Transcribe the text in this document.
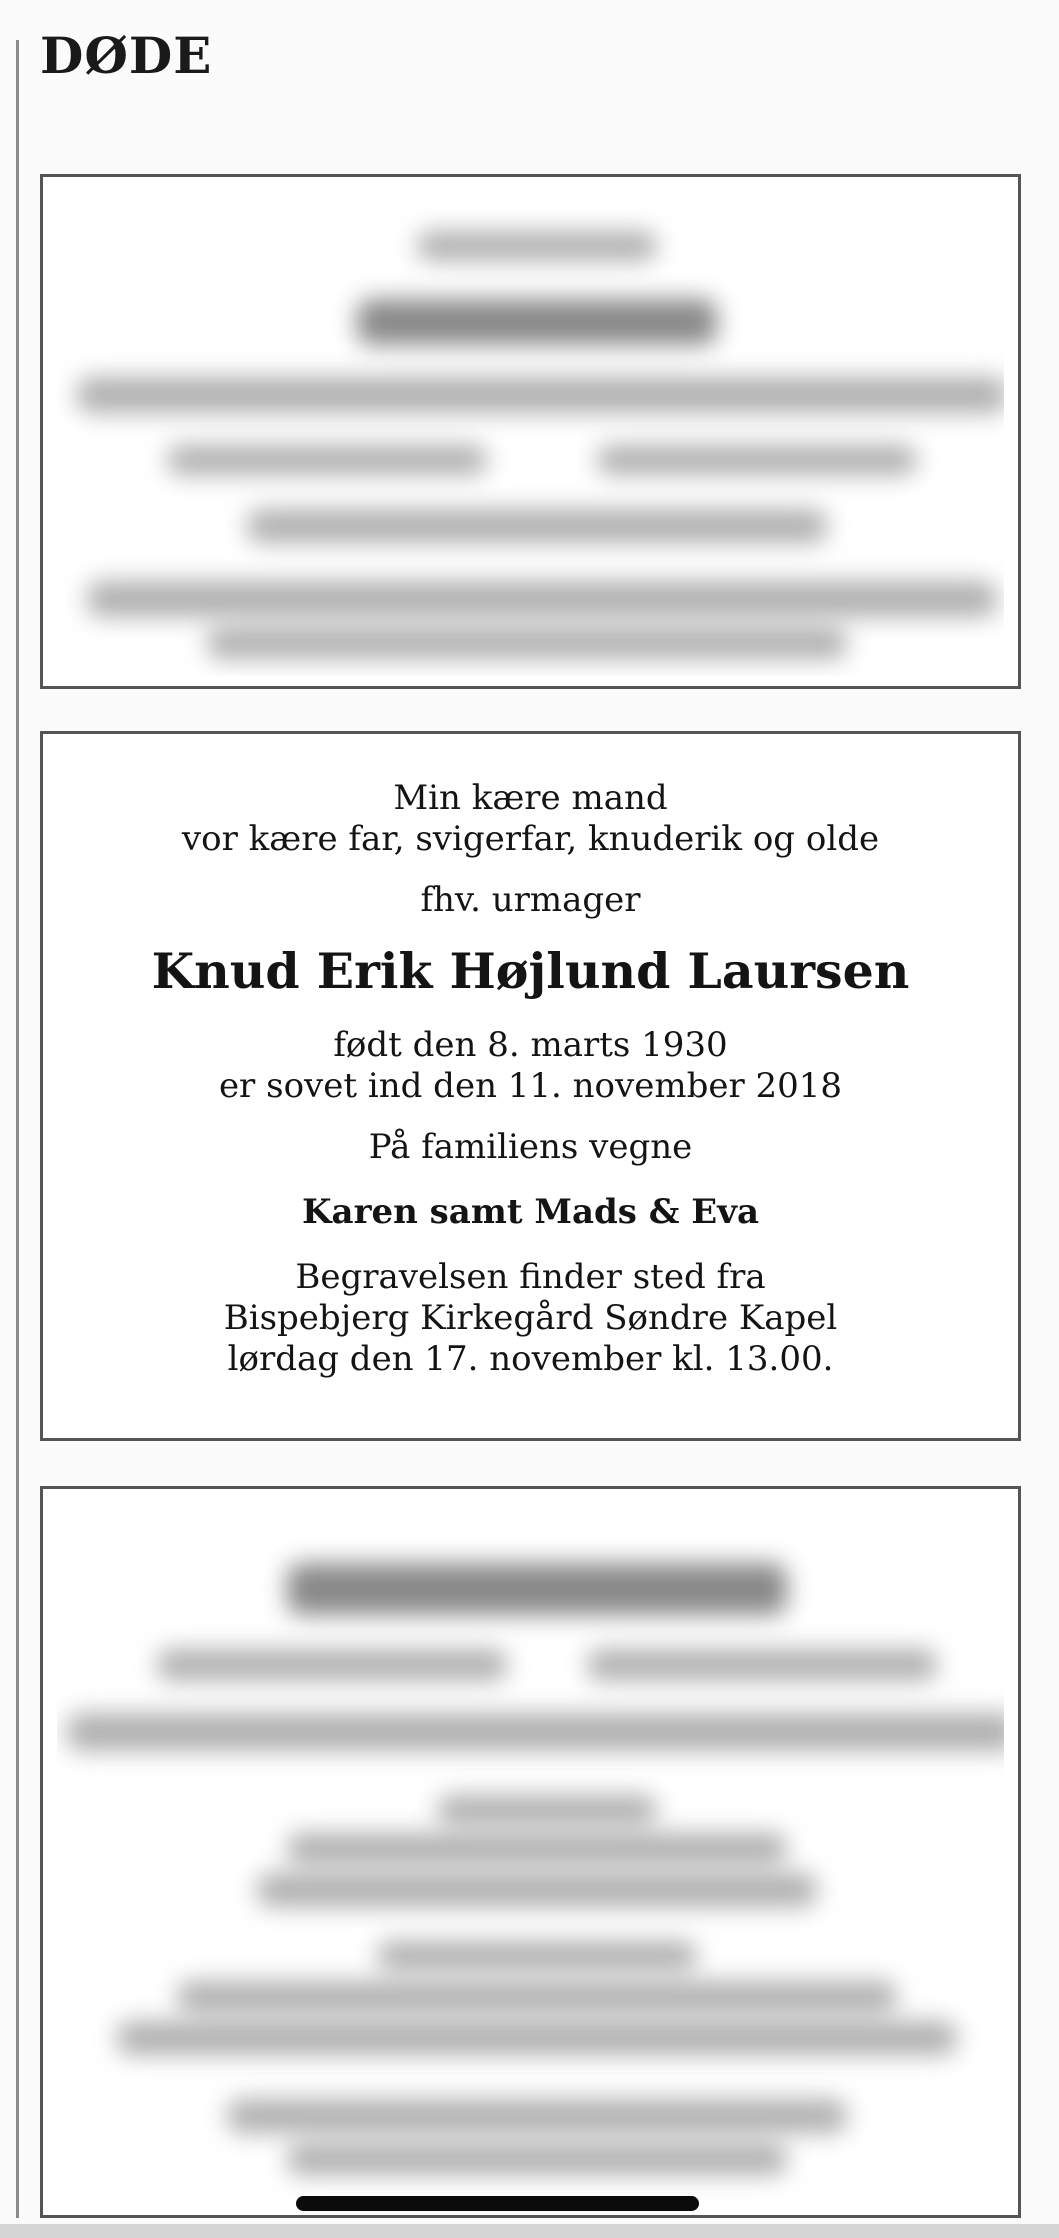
DØDE
Min kære mand
vor kære far, svigerfar, knuderik og olde
fhv. urmager
Knud Erik Højlund Laursen
født den 8. marts 1930
er sovet ind den 11. november 2018
På familiens vegne
Karen samt Mads & Eva
Begravelsen finder sted fra
Bispebjerg Kirkegård Søndre Kapel
lørdag den 17. november kl. 13.00.
